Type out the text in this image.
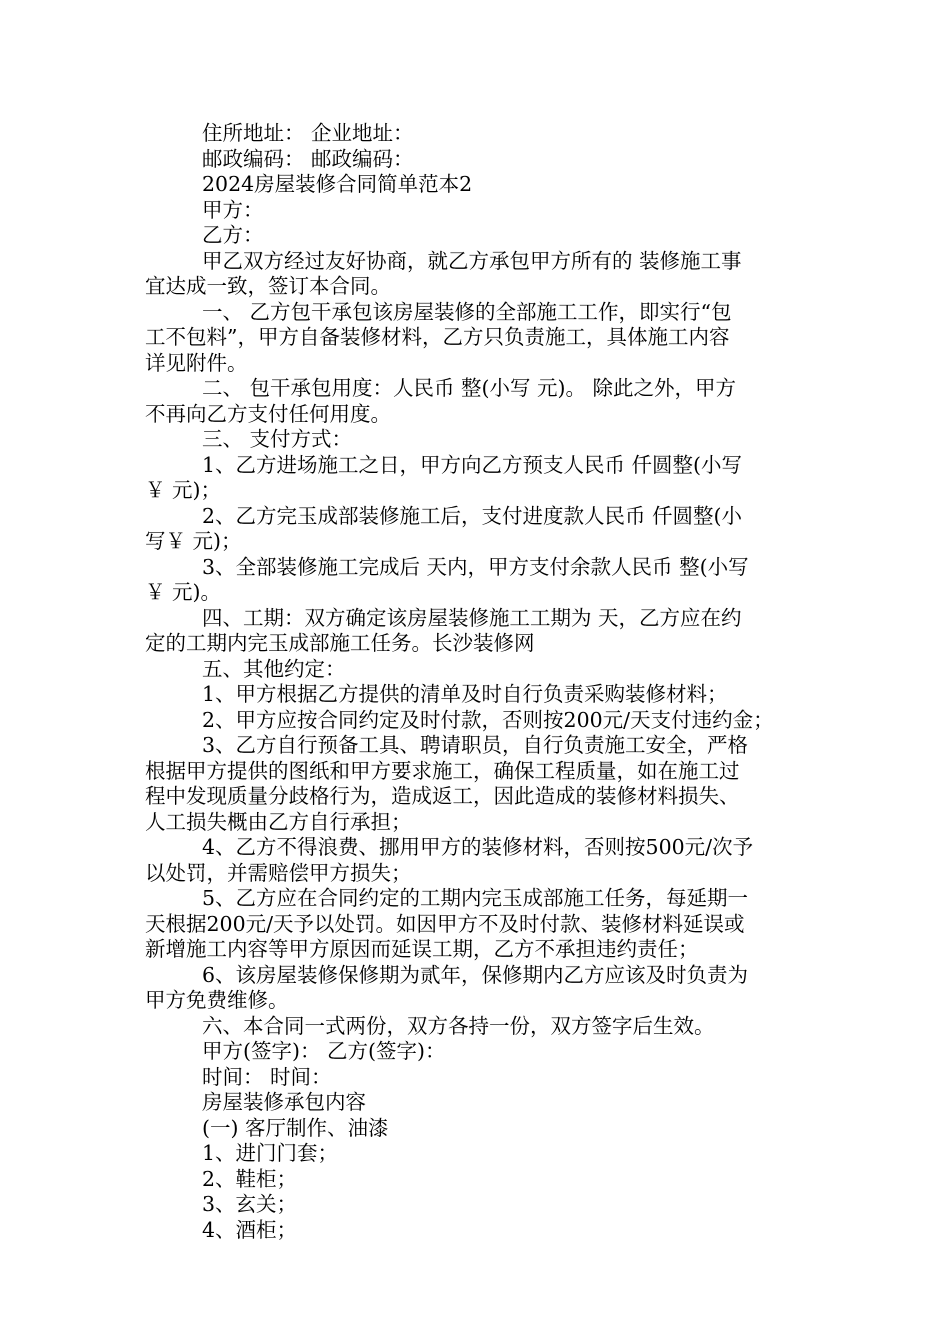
住所地址： 企业地址：
邮政编码： 邮政编码：
2024房屋装修合同简单范本2
甲方：
乙方：
甲乙双方经过友好协商，就乙方承包甲方所有的 装修施工事
宜达成一致，签订本合同。
一、 乙方包干承包该房屋装修的全部施工工作，即实行“包
工不包料”，甲方自备装修材料，乙方只负责施工，具体施工内容
详见附件。
二、 包干承包用度：人民币 整(小写 元)。 除此之外，甲方
不再向乙方支付任何用度。
三、 支付方式：
1、乙方进场施工之日，甲方向乙方预支人民币 仟圆整(小写
￥ 元)；
2、乙方完玉成部装修施工后，支付进度款人民币 仟圆整(小
写￥ 元)；
3、全部装修施工完成后 天内，甲方支付余款人民币 整(小写
￥ 元)。
四、工期：双方确定该房屋装修施工工期为 天，乙方应在约
定的工期内完玉成部施工任务。长沙装修网
五、其他约定：
1、甲方根据乙方提供的清单及时自行负责采购装修材料；
2、甲方应按合同约定及时付款，否则按200元/天支付违约金；
3、乙方自行预备工具、聘请职员，自行负责施工安全，严格
根据甲方提供的图纸和甲方要求施工，确保工程质量，如在施工过
程中发现质量分歧格行为，造成返工，因此造成的装修材料损失、
人工损失概由乙方自行承担；
4、乙方不得浪费、挪用甲方的装修材料，否则按500元/次予
以处罚，并需赔偿甲方损失；
5、乙方应在合同约定的工期内完玉成部施工任务，每延期一
天根据200元/天予以处罚。如因甲方不及时付款、装修材料延误或
新增施工内容等甲方原因而延误工期，乙方不承担违约责任；
6、该房屋装修保修期为贰年，保修期内乙方应该及时负责为
甲方免费维修。
六、本合同一式两份，双方各持一份，双方签字后生效。
甲方(签字)： 乙方(签字)：
时间： 时间：
房屋装修承包内容
(一) 客厅制作、油漆
1、进门门套；
2、鞋柜；
3、玄关；
4、酒柜；
